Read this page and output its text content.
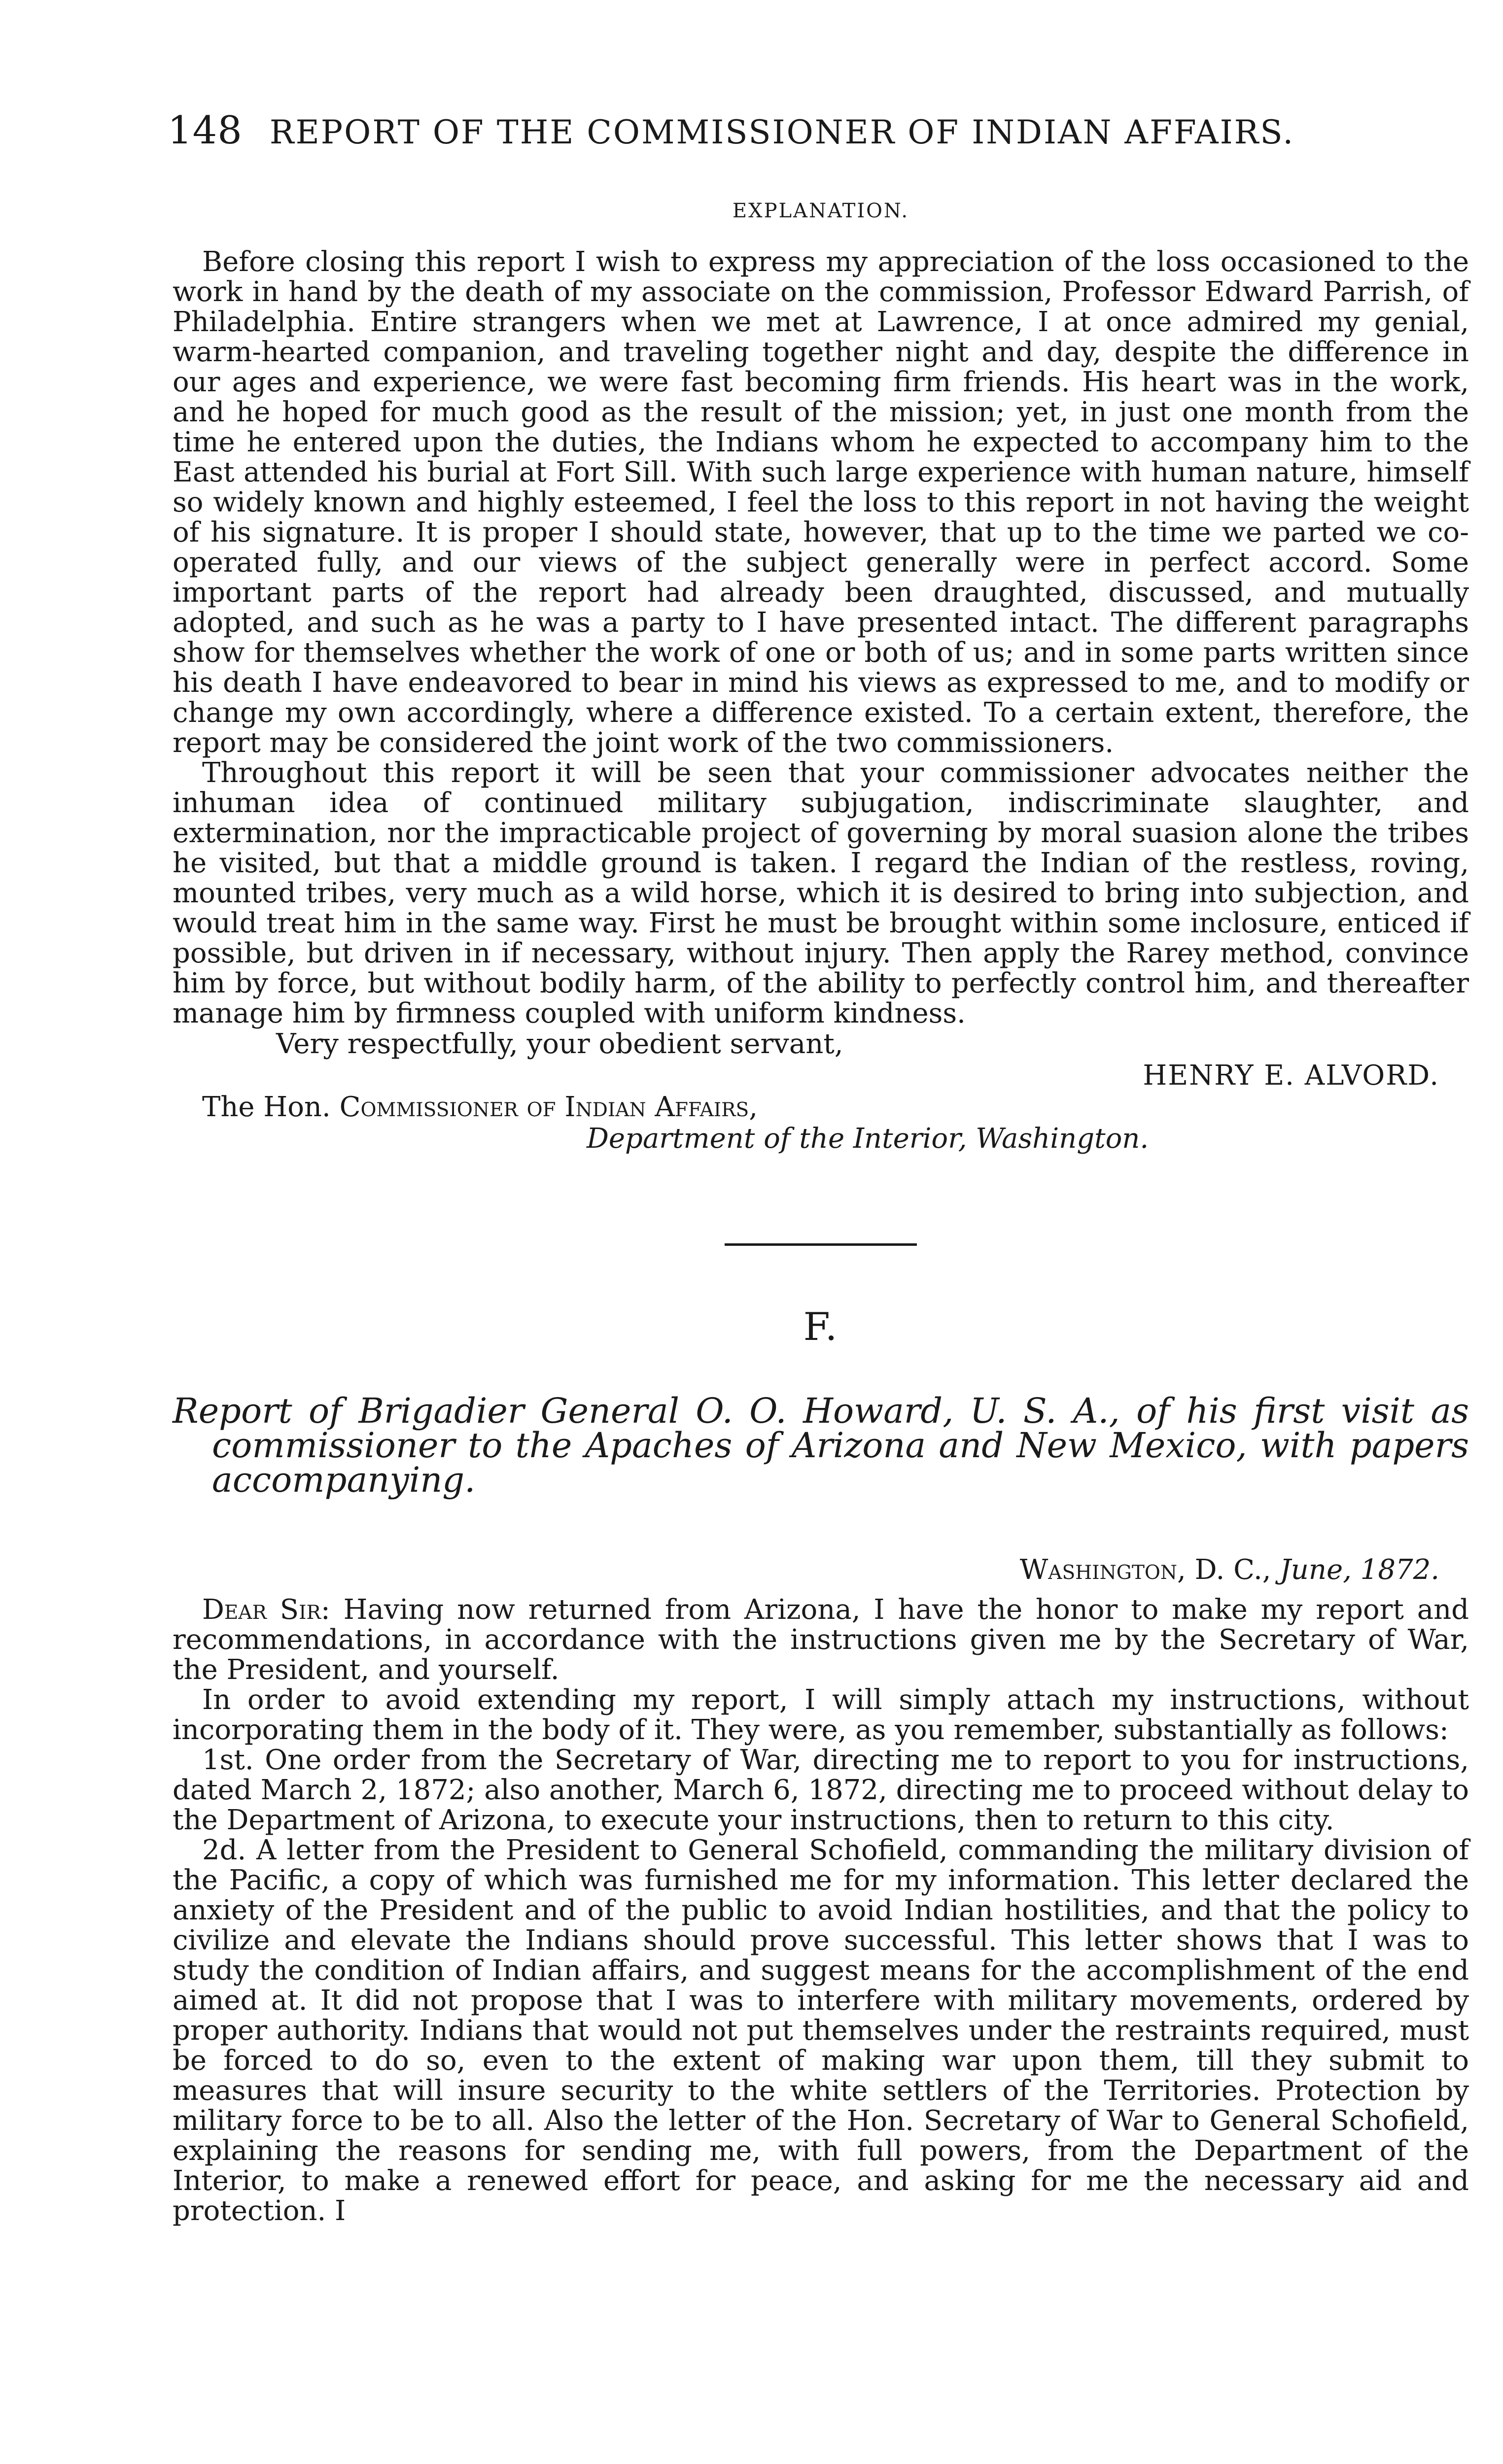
148 REPORT OF THE COMMISSIONER OF INDIAN AFFAIRS.
EXPLANATION.

Before closing this report I wish to express my appreciation of the loss occasioned to the work in hand by the death of my associate on the commission, Professor Edward Parrish, of Philadelphia. Entire strangers when we met at Lawrence, I at once admired my genial, warm-hearted companion, and traveling together night and day, despite the difference in our ages and experience, we were fast becoming firm friends. His heart was in the work, and he hoped for much good as the result of the mission; yet, in just one month from the time he entered upon the duties, the Indians whom he expected to accompany him to the East attended his burial at Fort Sill. With such large experience with human nature, himself so widely known and highly esteemed, I feel the loss to this report in not having the weight of his signature. It is proper I should state, however, that up to the time we parted we co-operated fully, and our views of the subject generally were in perfect accord. Some important parts of the report had already been draughted, discussed, and mutually adopted, and such as he was a party to I have presented intact. The different paragraphs show for themselves whether the work of one or both of us; and in some parts written since his death I have endeavored to bear in mind his views as expressed to me, and to modify or change my own accordingly, where a difference existed. To a certain extent, therefore, the report may be considered the joint work of the two commissioners.

Throughout this report it will be seen that your commissioner advocates neither the inhuman idea of continued military subjugation, indiscriminate slaughter, and extermination, nor the impracticable project of governing by moral suasion alone the tribes he visited, but that a middle ground is taken. I regard the Indian of the restless, roving, mounted tribes, very much as a wild horse, which it is desired to bring into subjection, and would treat him in the same way. First he must be brought within some inclosure, enticed if possible, but driven in if necessary, without injury. Then apply the Rarey method, convince him by force, but without bodily harm, of the ability to perfectly control him, and thereafter manage him by firmness coupled with uniform kindness.

Very respectfully, your obedient servant,
HENRY E. ALVORD.
The Hon. Commissioner of Indian Affairs,
Department of the Interior, Washington.
F.

Report of Brigadier General O. O. Howard, U. S. A., of his first visit as commissioner to the Apaches of Arizona and New Mexico, with papers accompanying.

Washington, D. C., June, 1872.

Dear Sir: Having now returned from Arizona, I have the honor to make my report and recommendations, in accordance with the instructions given me by the Secretary of War, the President, and yourself.

In order to avoid extending my report, I will simply attach my instructions, without incorporating them in the body of it. They were, as you remember, substantially as follows:

1st. One order from the Secretary of War, directing me to report to you for instructions, dated March 2, 1872; also another, March 6, 1872, directing me to proceed without delay to the Department of Arizona, to execute your instructions, then to return to this city.

2d. A letter from the President to General Schofield, commanding the military division of the Pacific, a copy of which was furnished me for my information. This letter declared the anxiety of the President and of the public to avoid Indian hostilities, and that the policy to civilize and elevate the Indians should prove successful. This letter shows that I was to study the condition of Indian affairs, and suggest means for the accomplishment of the end aimed at. It did not propose that I was to interfere with military movements, ordered by proper authority. Indians that would not put themselves under the restraints required, must be forced to do so, even to the extent of making war upon them, till they submit to measures that will insure security to the white settlers of the Territories. Protection by military force to be to all. Also the letter of the Hon. Secretary of War to General Schofield, explaining the reasons for sending me, with full powers, from the Department of the Interior, to make a renewed effort for peace, and asking for me the necessary aid and protection. I
